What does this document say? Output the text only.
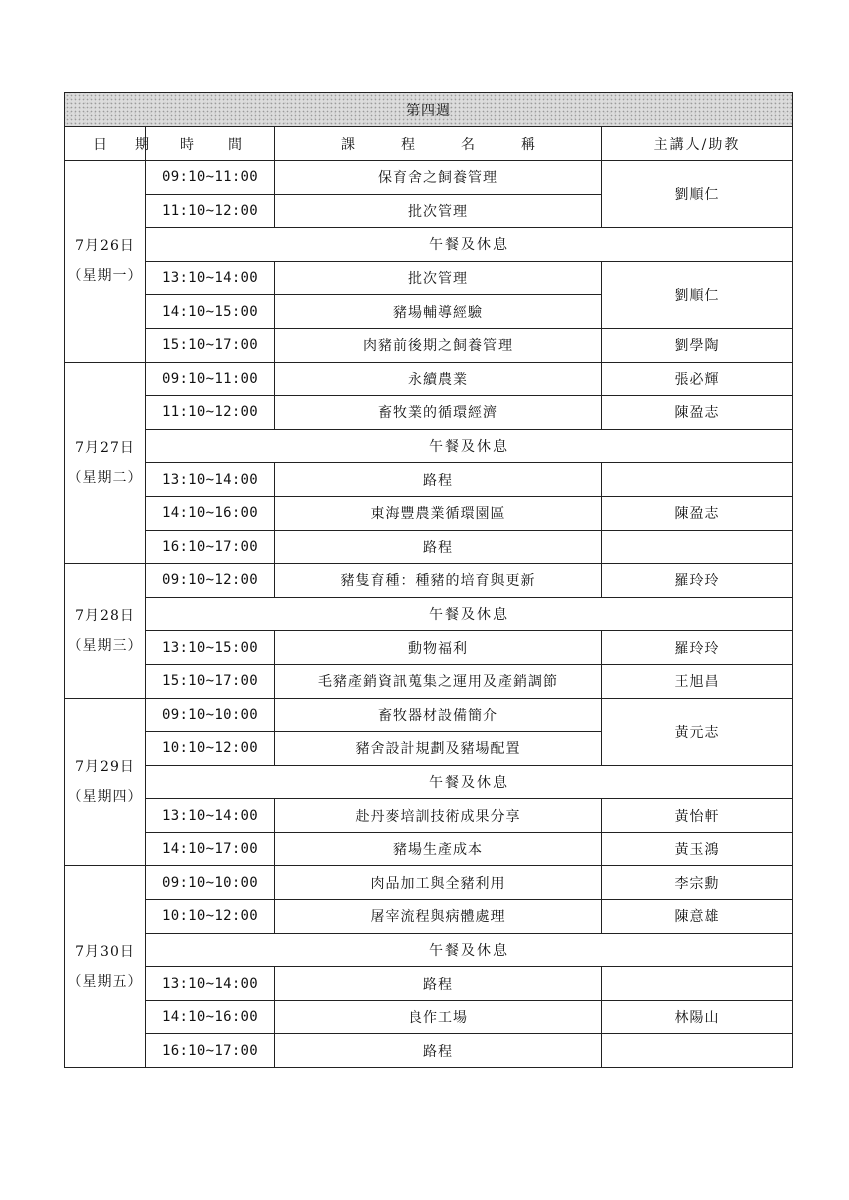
第四週			
日期	時間	課程名稱	主講人/助教

7月26日
（星期一）	09:10~11:00	保育舍之飼養管理	劉順仁
	11:10~12:00	批次管理	
	午餐及休息		
	13:10~14:00	批次管理	劉順仁
	14:10~15:00	豬場輔導經驗	
	15:10~17:00	肉豬前後期之飼養管理	劉學陶

7月27日
（星期二）	09:10~11:00	永續農業	張必輝
	11:10~12:00	畜牧業的循環經濟	陳盈志
	午餐及休息		
	13:10~14:00	路程	
	14:10~16:00	東海豐農業循環園區	陳盈志
	16:10~17:00	路程	

7月28日
（星期三）	09:10~12:00	豬隻育種：種豬的培育與更新	羅玲玲
	午餐及休息		
	13:10~15:00	動物福利	羅玲玲
	15:10~17:00	毛豬產銷資訊蒐集之運用及產銷調節	王旭昌

7月29日
（星期四）	09:10~10:00	畜牧器材設備簡介	黃元志
	10:10~12:00	豬舍設計規劃及豬場配置	
	午餐及休息		
	13:10~14:00	赴丹麥培訓技術成果分享	黃怡軒
	14:10~17:00	豬場生產成本	黃玉鴻

7月30日
（星期五）	09:10~10:00	肉品加工與全豬利用	李宗勳
	10:10~12:00	屠宰流程與病體處理	陳意雄
	午餐及休息		
	13:10~14:00	路程	
	14:10~16:00	良作工場	林陽山
	16:10~17:00	路程	
